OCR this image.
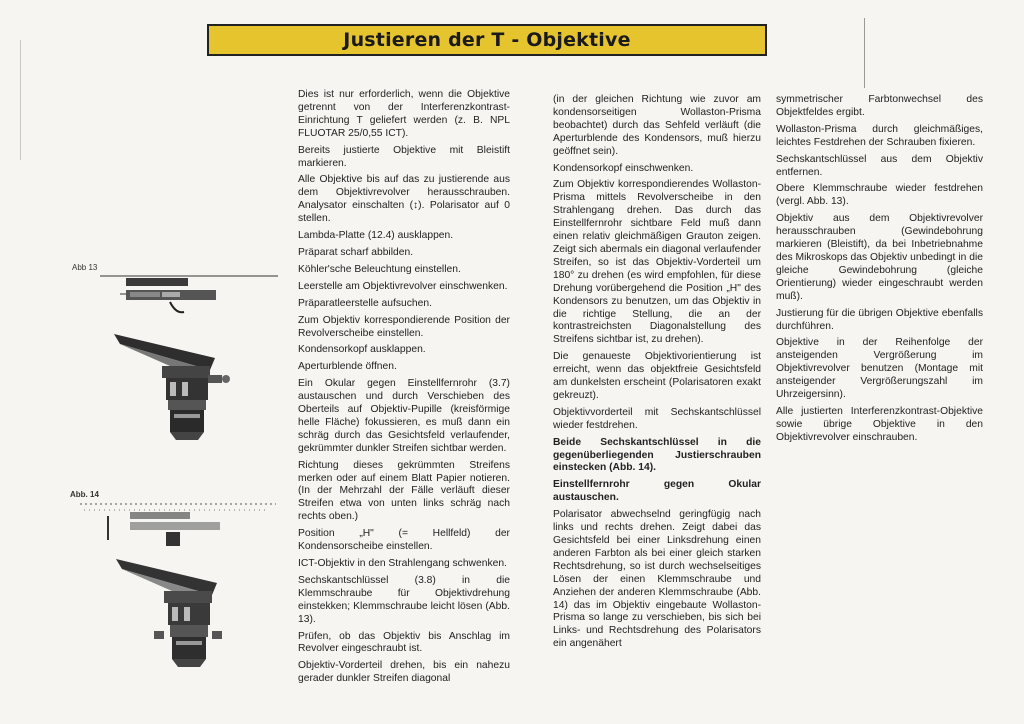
Justieren der T - Objektive
Abb 13
Abb. 14

Dies ist nur erforderlich, wenn die Objektive getrennt von der Interferenzkontrast-Einrichtung T geliefert werden (z. B. NPL FLUOTAR 25/0,55 ICT).

Bereits justierte Objektive mit Bleistift markieren.

Alle Objektive bis auf das zu justierende aus dem Objektivrevolver herausschrauben. Analysator einschalten (↕). Polarisator auf 0 stellen.

Lambda-Platte (12.4) ausklappen.

Präparat scharf abbilden.

Köhler'sche Beleuchtung einstellen.

Leerstelle am Objektivrevolver einschwenken.

Präparatleerstelle aufsuchen.

Zum Objektiv korrespondierende Position der Revolverscheibe einstellen.

Kondensorkopf ausklappen.

Aperturblende öffnen.

Ein Okular gegen Einstellfernrohr (3.7) austauschen und durch Verschieben des Oberteils auf Objektiv-Pupille (kreisförmige helle Fläche) fokussieren, es muß dann ein schräg durch das Gesichtsfeld verlaufender, gekrümmter dunkler Streifen sichtbar werden.

Richtung dieses gekrümmten Streifens merken oder auf einem Blatt Papier notieren. (In der Mehrzahl der Fälle verläuft dieser Streifen etwa von unten links schräg nach rechts oben.)

Position „H" (= Hellfeld) der Kondensorscheibe einstellen.

ICT-Objektiv in den Strahlengang schwenken.

Sechskantschlüssel (3.8) in die Klemmschraube für Objektivdrehung einstekken; Klemmschraube leicht lösen (Abb. 13).

Prüfen, ob das Objektiv bis Anschlag im Revolver eingeschraubt ist.

Objektiv-Vorderteil drehen, bis ein nahezu gerader dunkler Streifen diagonal

(in der gleichen Richtung wie zuvor am kondensorseitigen Wollaston-Prisma beobachtet) durch das Sehfeld verläuft (die Aperturblende des Kondensors, muß hierzu geöffnet sein).

Kondensorkopf einschwenken.

Zum Objektiv korrespondierendes Wollaston-Prisma mittels Revolverscheibe in den Strahlengang drehen. Das durch das Einstellfernrohr sichtbare Feld muß dann einen relativ gleichmäßigen Grauton zeigen. Zeigt sich abermals ein diagonal verlaufender Streifen, so ist das Objektiv-Vorderteil um 180° zu drehen (es wird empfohlen, für diese Drehung vorübergehend die Position „H" des Kondensors zu benutzen, um das Objektiv in die richtige Stellung, die an der kontrastreichsten Diagonalstellung des Streifens sichtbar ist, zu drehen).

Die genaueste Objektivorientierung ist erreicht, wenn das objektfreie Gesichtsfeld am dunkelsten erscheint (Polarisatoren exakt gekreuzt).

Objektivvorderteil mit Sechskantschlüssel wieder festdrehen.

Beide Sechskantschlüssel in die gegenüberliegenden Justierschrauben einstecken (Abb. 14).

Einstellfernrohr gegen Okular austauschen.

Polarisator abwechselnd geringfügig nach links und rechts drehen. Zeigt dabei das Gesichtsfeld bei einer Linksdrehung einen anderen Farbton als bei einer gleich starken Rechtsdrehung, so ist durch wechselseitiges Lösen der einen Klemmschraube und Anziehen der anderen Klemmschraube (Abb. 14) das im Objektiv eingebaute Wollaston-Prisma so lange zu verschieben, bis sich bei Links- und Rechtsdrehung des Polarisators ein angenähert

symmetrischer Farbtonwechsel des Objektfeldes ergibt.

Wollaston-Prisma durch gleichmäßiges, leichtes Festdrehen der Schrauben fixieren.

Sechskantschlüssel aus dem Objektiv entfernen.

Obere Klemmschraube wieder festdrehen (vergl. Abb. 13).

Objektiv aus dem Objektivrevolver herausschrauben (Gewindebohrung markieren (Bleistift), da bei Inbetriebnahme des Mikroskops das Objektiv unbedingt in die gleiche Gewindebohrung (gleiche Orientierung) wieder eingeschraubt werden muß).

Justierung für die übrigen Objektive ebenfalls durchführen.

Objektive in der Reihenfolge der ansteigenden Vergrößerung im Objektivrevolver benutzen (Montage mit ansteigender Vergrößerungszahl im Uhrzeigersinn).

Alle justierten Interferenzkontrast-Objektive sowie übrige Objektive in den Objektivrevolver einschrauben.
